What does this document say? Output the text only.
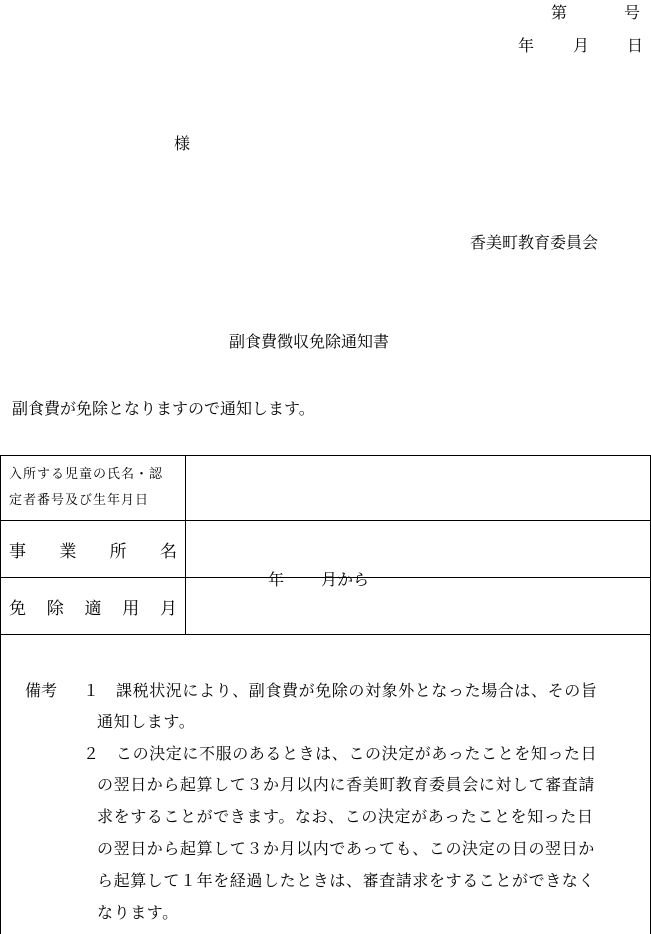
第	号
年 月 日
様
香美町教育委員会
副食費徴収免除通知書
副食費が免除となりますので通知します。
入所する児童の氏名・認
定者番号及び生年月日	

事 業 所 名	

免 除 適 用 月	年 月から
備考 １ 課税状況により、副食費が免除の対象外となった場合は、その旨
通知します。
２ この決定に不服のあるときは、この決定があったことを知った日
の翌日から起算して３か月以内に香美町教育委員会に対して審査請
求をすることができます。なお、この決定があったことを知った日
の翌日から起算して３か月以内であっても、この決定の日の翌日か
ら起算して１年を経過したときは、審査請求をすることができなく
なります。
